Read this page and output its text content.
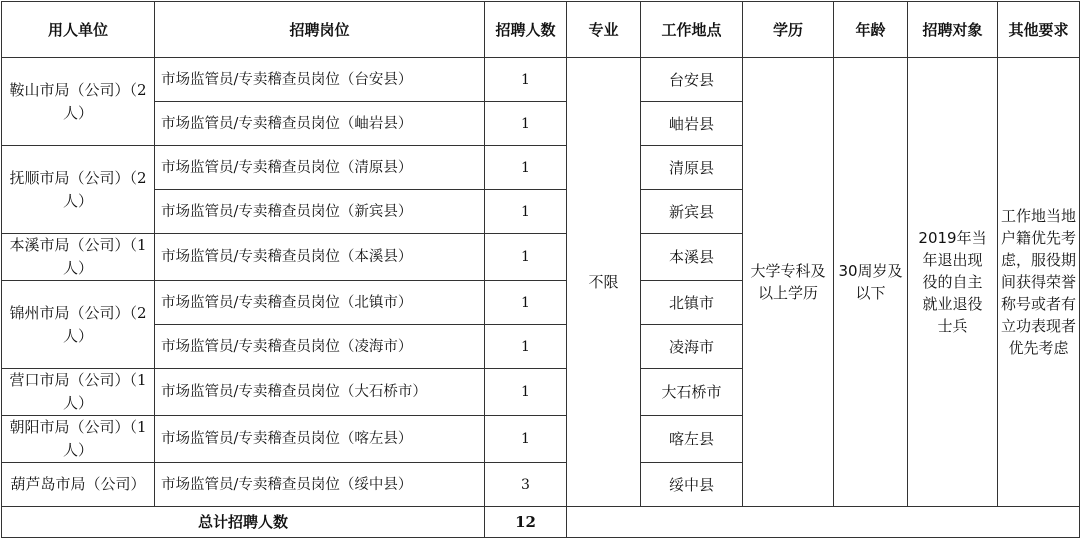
用人单位	招聘岗位	招聘人数	专业	工作地点	学历	年龄	招聘对象	其他要求
鞍山市局（公司）（2人）	市场监管员/专卖稽查员岗位（台安县）	1	不限	台安县	大学专科及以上学历	30周岁及以下	2019年当年退出现役的自主就业退役士兵	工作地当地户籍优先考虑，服役期间获得荣誉称号或者有立功表现者优先考虑
	市场监管员/专卖稽查员岗位（岫岩县）	1		岫岩县				
抚顺市局（公司）（2人）	市场监管员/专卖稽查员岗位（清原县）	1		清原县				
	市场监管员/专卖稽查员岗位（新宾县）	1		新宾县				
本溪市局（公司）（1人）	市场监管员/专卖稽查员岗位（本溪县）	1		本溪县				
锦州市局（公司）（2人）	市场监管员/专卖稽查员岗位（北镇市）	1		北镇市				
	市场监管员/专卖稽查员岗位（凌海市）	1		凌海市				
营口市局（公司）（1人）	市场监管员/专卖稽查员岗位（大石桥市）	1		大石桥市				
朝阳市局（公司）（1人）	市场监管员/专卖稽查员岗位（喀左县）	1		喀左县				
葫芦岛市局（公司）	市场监管员/专卖稽查员岗位（绥中县）	3		绥中县				
总计招聘人数		12						
